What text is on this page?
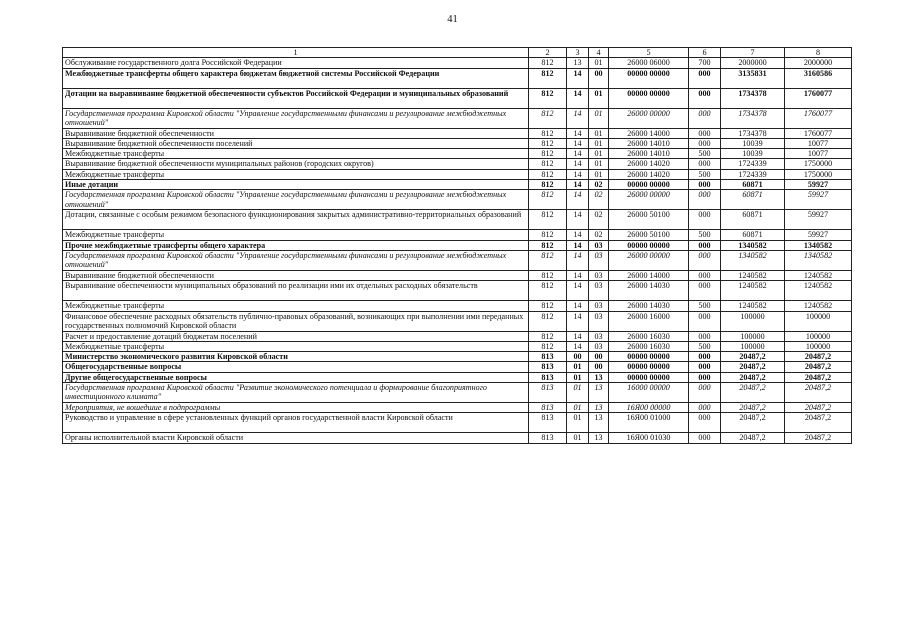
41
1	2	3	4	5	6	7	8
Обслуживание государственного долга Российской Федерации	812	13	01	26000 06000	700	2000000	2000000
Межбюджетные трансферты общего характера бюджетам бюджетной системы Российской Федерации	812	14	00	00000 00000	000	3135831	3160586
Дотации на выравнивание бюджетной обеспеченности субъектов Российской Федерации и муниципальных образований	812	14	01	00000 00000	000	1734378	1760077
Государственная программа Кировской области "Управление государственными финансами и регулирование межбюджетных отношений"	812	14	01	26000 00000	000	1734378	1760077
Выравнивание бюджетной обеспеченности	812	14	01	26000 14000	000	1734378	1760077
Выравнивание бюджетной обеспеченности поселений	812	14	01	26000 14010	000	10039	10077
Межбюджетные трансферты	812	14	01	26000 14010	500	10039	10077
Выравнивание бюджетной обеспеченности муниципальных районов (городских округов)	812	14	01	26000 14020	000	1724339	1750000
Межбюджетные трансферты	812	14	01	26000 14020	500	1724339	1750000
Иные дотации	812	14	02	00000 00000	000	60871	59927
Государственная программа Кировской области "Управление государственными финансами и регулирование межбюджетных отношений"	812	14	02	26000 00000	000	60871	59927
Дотации, связанные с особым режимом безопасного функционирования закрытых административно-территориальных образований	812	14	02	26000 50100	000	60871	59927
Межбюджетные трансферты	812	14	02	26000 50100	500	60871	59927
Прочие межбюджетные трансферты общего характера	812	14	03	00000 00000	000	1340582	1340582
Государственная программа Кировской области "Управление государственными финансами и регулирование межбюджетных отношений"	812	14	03	26000 00000	000	1340582	1340582
Выравнивание бюджетной обеспеченности	812	14	03	26000 14000	000	1240582	1240582
Выравнивание обеспеченности муниципальных образований по реализации ими их отдельных расходных обязательств	812	14	03	26000 14030	000	1240582	1240582
Межбюджетные трансферты	812	14	03	26000 14030	500	1240582	1240582
Финансовое обеспечение расходных обязательств публично-правовых образований, возникающих при выполнении ими переданных государственных полномочий Кировской области	812	14	03	26000 16000	000	100000	100000
Расчет и предоставление дотаций бюджетам поселений	812	14	03	26000 16030	000	100000	100000
Межбюджетные трансферты	812	14	03	26000 16030	500	100000	100000
Министерство экономического развития Кировской области	813	00	00	00000 00000	000	20487,2	20487,2
Общегосударственные вопросы	813	01	00	00000 00000	000	20487,2	20487,2
Другие общегосударственные вопросы	813	01	13	00000 00000	000	20487,2	20487,2
Государственная программа Кировской области "Развитие экономического потенциала и формирование благоприятного инвестиционного климата"	813	01	13	16000 00000	000	20487,2	20487,2
Мероприятия, не вошедшие в подпрограммы	813	01	13	16Я00 00000	000	20487,2	20487,2
Руководство и управление в сфере установленных функций органов государственной власти Кировской области	813	01	13	16Я00 01000	000	20487,2	20487,2
Органы исполнительной власти Кировской области	813	01	13	16Я00 01030	000	20487,2	20487,2
